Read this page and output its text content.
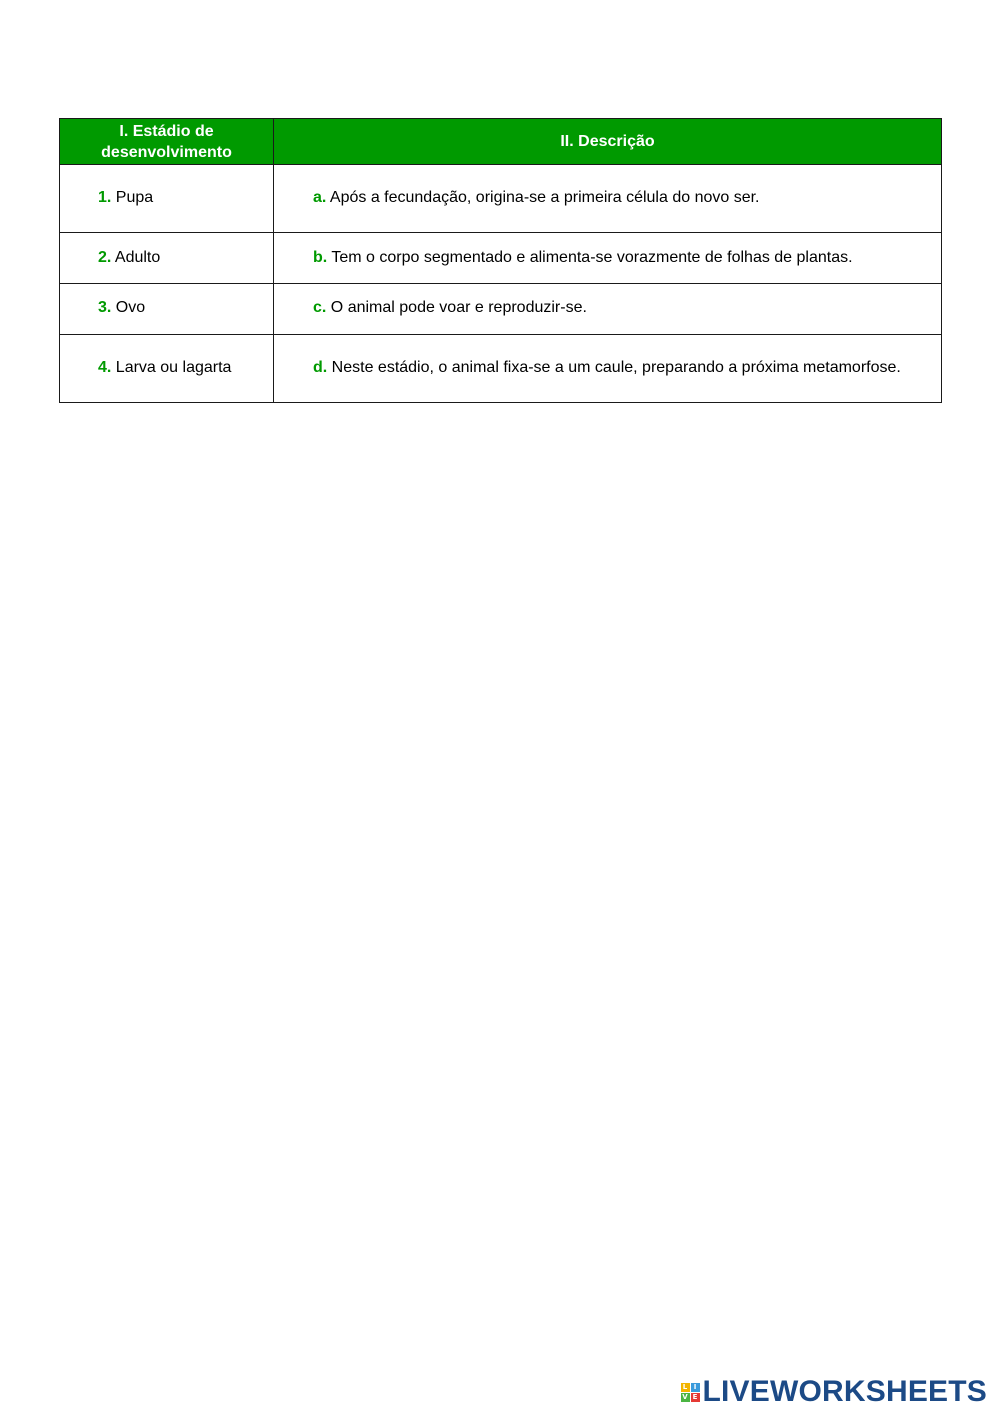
I. Estádio de
desenvolvimento	II. Descrição
1. Pupa	a. Após a fecundação, origina-se a primeira célula do novo ser.
2. Adulto	b. Tem o corpo segmentado e alimenta-se vorazmente de folhas de plantas.
3. Ovo	c. O animal pode voar e reproduzir-se.
4. Larva ou lagarta	d. Neste estádio, o animal fixa-se a um caule, preparando a próxima metamorfose.
L I
V E LIVEWORKSHEETS
